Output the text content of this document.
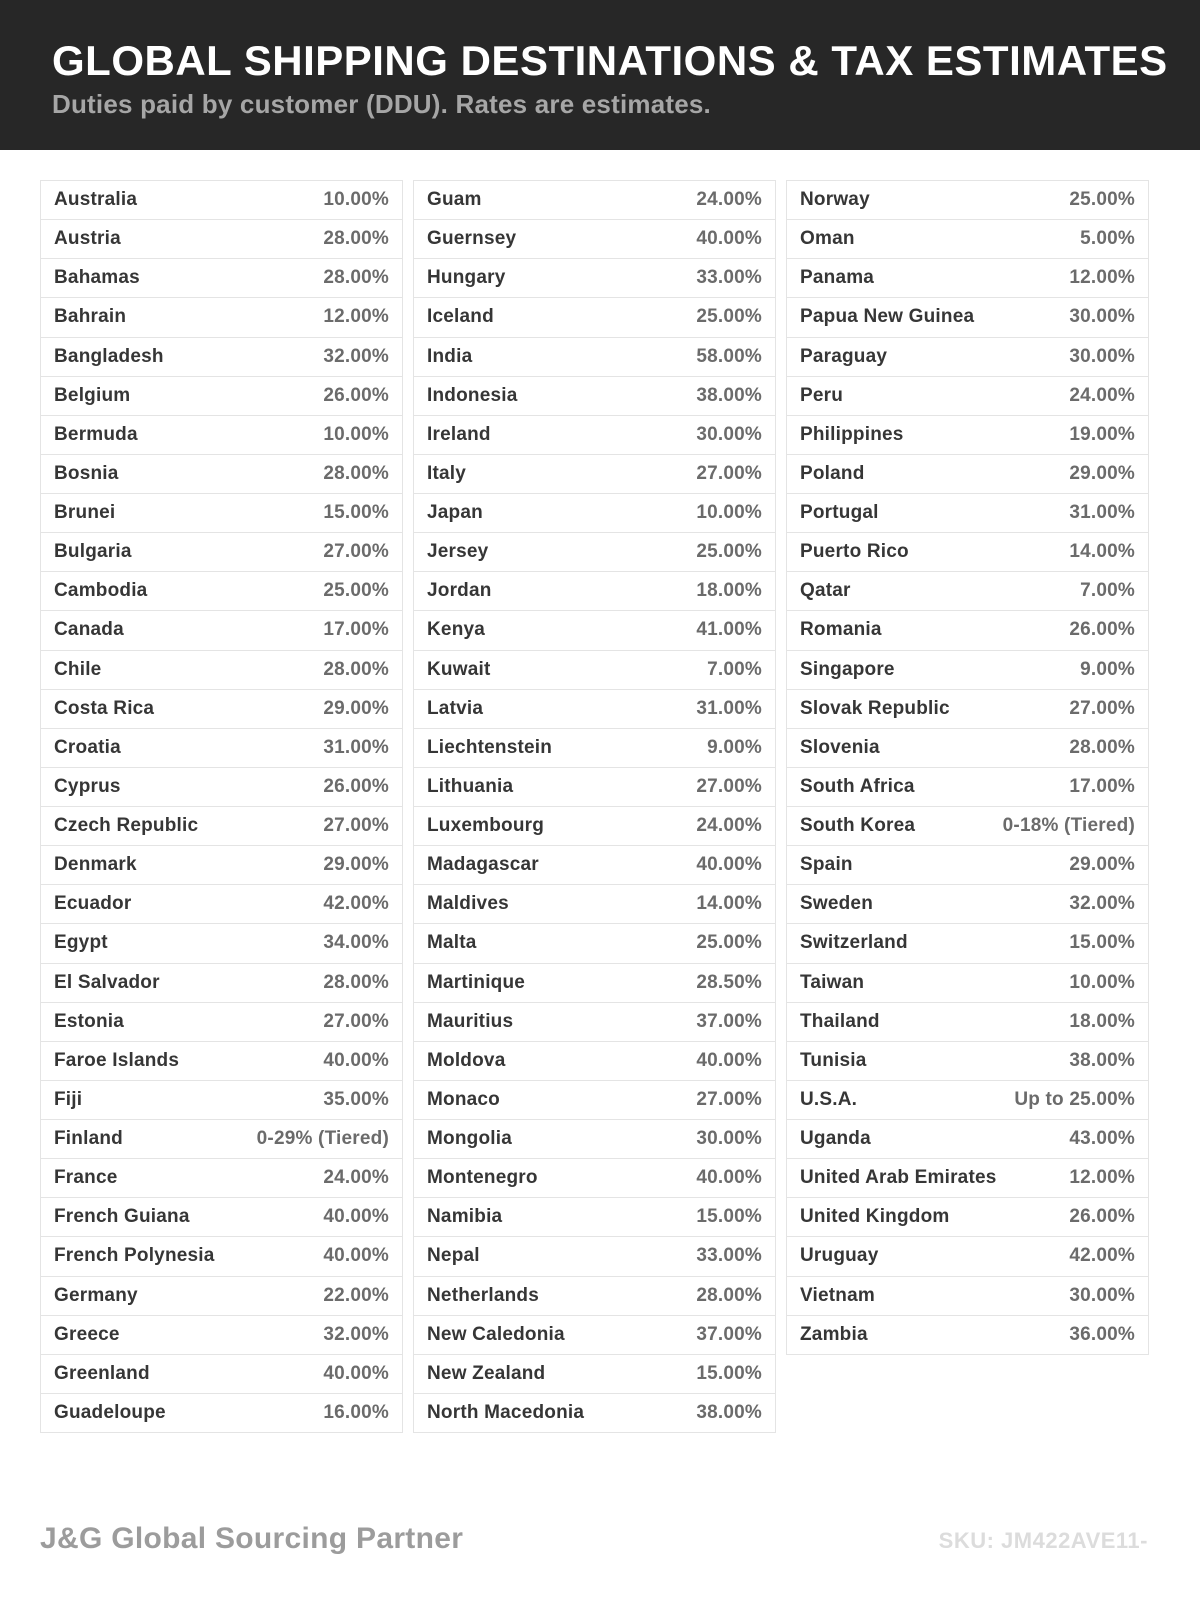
GLOBAL SHIPPING DESTINATIONS & TAX ESTIMATES
Duties paid by customer (DDU). Rates are estimates.
Australia	10.00%
Austria	28.00%
Bahamas	28.00%
Bahrain	12.00%
Bangladesh	32.00%
Belgium	26.00%
Bermuda	10.00%
Bosnia	28.00%
Brunei	15.00%
Bulgaria	27.00%
Cambodia	25.00%
Canada	17.00%
Chile	28.00%
Costa Rica	29.00%
Croatia	31.00%
Cyprus	26.00%
Czech Republic	27.00%
Denmark	29.00%
Ecuador	42.00%
Egypt	34.00%
El Salvador	28.00%
Estonia	27.00%
Faroe Islands	40.00%
Fiji	35.00%
Finland	0-29% (Tiered)
France	24.00%
French Guiana	40.00%
French Polynesia	40.00%
Germany	22.00%
Greece	32.00%
Greenland	40.00%
Guadeloupe	16.00%
Guam	24.00%
Guernsey	40.00%
Hungary	33.00%
Iceland	25.00%
India	58.00%
Indonesia	38.00%
Ireland	30.00%
Italy	27.00%
Japan	10.00%
Jersey	25.00%
Jordan	18.00%
Kenya	41.00%
Kuwait	7.00%
Latvia	31.00%
Liechtenstein	9.00%
Lithuania	27.00%
Luxembourg	24.00%
Madagascar	40.00%
Maldives	14.00%
Malta	25.00%
Martinique	28.50%
Mauritius	37.00%
Moldova	40.00%
Monaco	27.00%
Mongolia	30.00%
Montenegro	40.00%
Namibia	15.00%
Nepal	33.00%
Netherlands	28.00%
New Caledonia	37.00%
New Zealand	15.00%
North Macedonia	38.00%
Norway	25.00%
Oman	5.00%
Panama	12.00%
Papua New Guinea	30.00%
Paraguay	30.00%
Peru	24.00%
Philippines	19.00%
Poland	29.00%
Portugal	31.00%
Puerto Rico	14.00%
Qatar	7.00%
Romania	26.00%
Singapore	9.00%
Slovak Republic	27.00%
Slovenia	28.00%
South Africa	17.00%
South Korea	0-18% (Tiered)
Spain	29.00%
Sweden	32.00%
Switzerland	15.00%
Taiwan	10.00%
Thailand	18.00%
Tunisia	38.00%
U.S.A.	Up to 25.00%
Uganda	43.00%
United Arab Emirates	12.00%
United Kingdom	26.00%
Uruguay	42.00%
Vietnam	30.00%
Zambia	36.00%
J&G Global Sourcing Partner	SKU: JM422AVE11-
